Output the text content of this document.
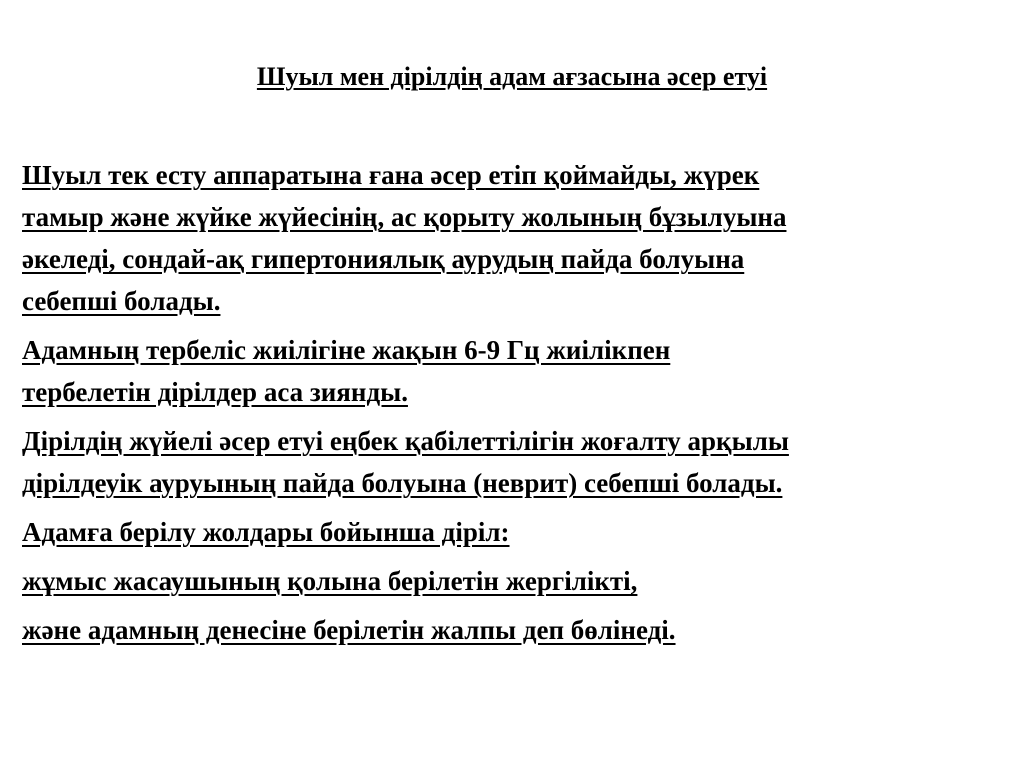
Шуыл мен дірілдің адам ағзасына әсер етуі

Шуыл тек есту аппаратына ғана әсер етіп қоймайды, жүрек
тамыр және жүйке жүйесінің, ас қорыту жолының бұзылуына
әкеледі, сондай-ақ гипертониялық аурудың пайда болуына
себепші болады.

Адамның тербеліс жиілігіне жақын 6-9 Гц жиілікпен
тербелетін дірілдер аса зиянды.

Дірілдің жүйелі әсер етуі еңбек қабілеттілігін жоғалту арқылы
дірілдеуік ауруының пайда болуына (неврит) себепші болады.

Адамға берілу жолдары бойынша діріл:

жұмыс жасаушының қолына берілетін жергілікті,

және адамның денесіне берілетін жалпы деп бөлінеді.
